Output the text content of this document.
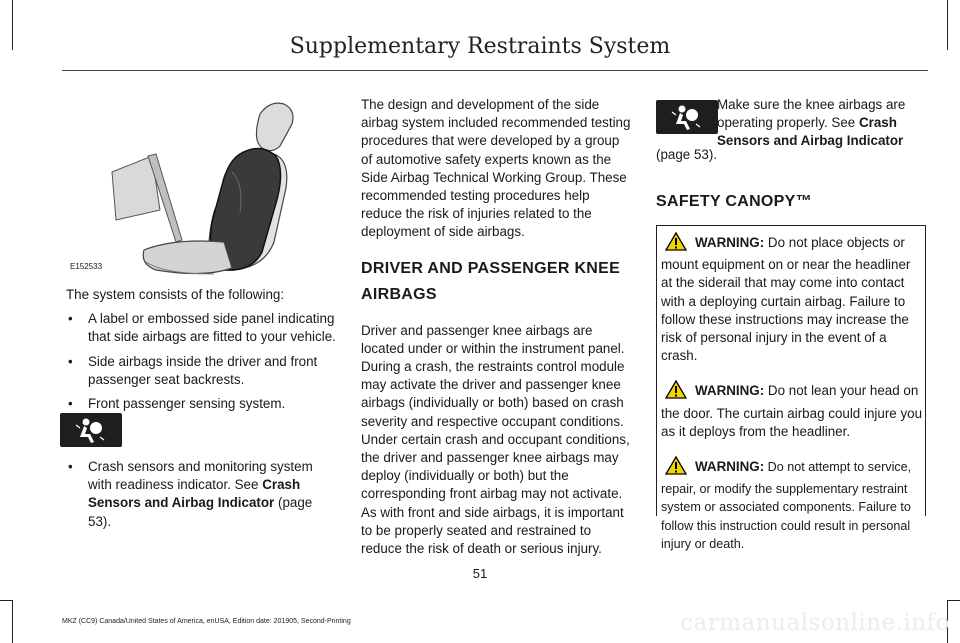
Supplementary Restraints System
E152533

The system consists of the following:

• A label or embossed side panel indicating that side airbags are fitted to your vehicle.
• Side airbags inside the driver and front passenger seat backrests.
• Front passenger sensing system.
• Crash sensors and monitoring system with readiness indicator. See Crash Sensors and Airbag Indicator (page 53).

The design and development of the side airbag system included recommended testing procedures that were developed by a group of automotive safety experts known as the Side Airbag Technical Working Group. These recommended testing procedures help reduce the risk of injuries related to the deployment of side airbags.

DRIVER AND PASSENGER KNEE AIRBAGS

Driver and passenger knee airbags are located under or within the instrument panel. During a crash, the restraints control module may activate the driver and passenger knee airbags (individually or both) based on crash severity and respective occupant conditions. Under certain crash and occupant conditions, the driver and passenger knee airbags may deploy (individually or both) but the corresponding front airbag may not activate. As with front and side airbags, it is important to be properly seated and restrained to reduce the risk of death or serious injury.

Make sure the knee airbags are operating properly. See Crash Sensors and Airbag Indicator
(page 53).
SAFETY CANOPY™

WARNING: Do not place objects or mount equipment on or near the headliner at the siderail that may come into contact with a deploying curtain airbag. Failure to follow these instructions may increase the risk of personal injury in the event of a crash.

WARNING: Do not lean your head on the door. The curtain airbag could injure you as it deploys from the headliner.

WARNING: Do not attempt to service, repair, or modify the supplementary restraint system or associated components. Failure to follow this instruction could result in personal injury or death.

51
MKZ (CC9) Canada/United States of America, enUSA, Edition date: 201905, Second-Printing	carmanualsonline.info
